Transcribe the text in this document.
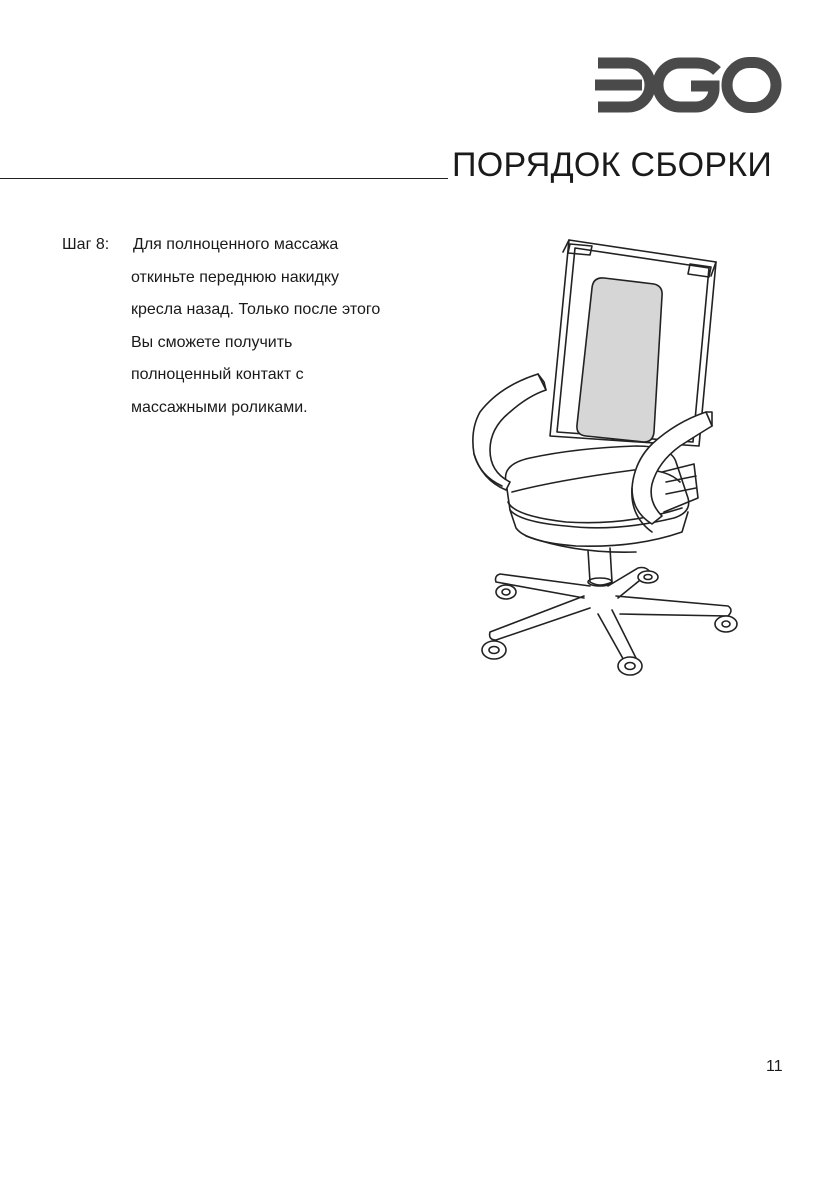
ПОРЯДОК СБОРКИ
Шаг 8: Для полноценного массажа
откиньте переднюю накидку
кресла назад. Только после этого
Вы сможете получить
полноценный контакт с
массажными роликами.
11
